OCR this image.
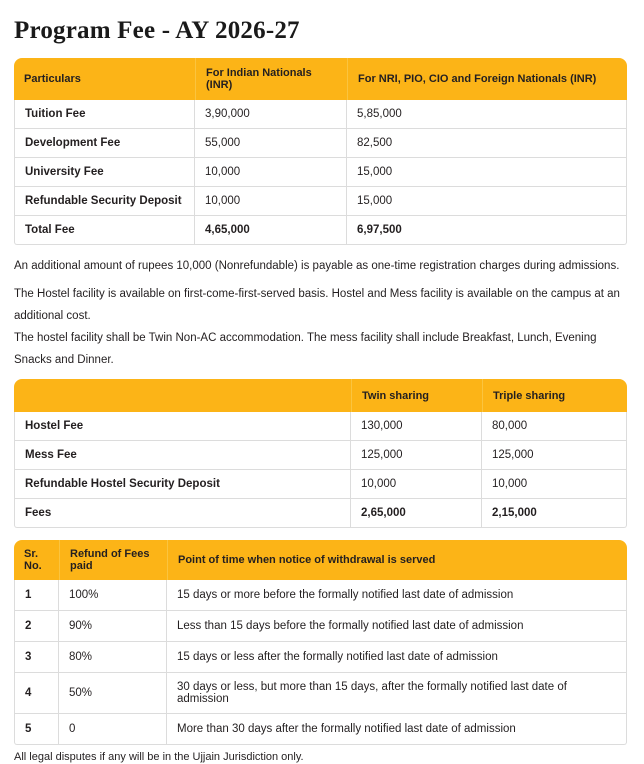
Program Fee - AY 2026-27
Particulars	For Indian Nationals (INR)	For NRI, PIO, CIO and Foreign Nationals (INR)
Tuition Fee	3,90,000	5,85,000
Development Fee	55,000	82,500
University Fee	10,000	15,000
Refundable Security Deposit	10,000	15,000
Total Fee	4,65,000	6,97,500

An additional amount of rupees 10,000 (Nonrefundable) is payable as one-time registration charges during admissions.

The Hostel facility is available on first-come-first-served basis. Hostel and Mess facility is available on the campus at an additional cost.

The hostel facility shall be Twin Non-AC accommodation. The mess facility shall include Breakfast, Lunch, Evening Snacks and Dinner.

	Twin sharing	Triple sharing
Hostel Fee	130,000	80,000
Mess Fee	125,000	125,000
Refundable Hostel Security Deposit	10,000	10,000
Fees	2,65,000	2,15,000
Sr. No.	Refund of Fees paid	Point of time when notice of withdrawal is served
1	100%	15 days or more before the formally notified last date of admission
2	90%	Less than 15 days before the formally notified last date of admission
3	80%	15 days or less after the formally notified last date of admission
4	50%	30 days or less, but more than 15 days, after the formally notified last date of admission
5	0	More than 30 days after the formally notified last date of admission

All legal disputes if any will be in the Ujjain Jurisdiction only.
